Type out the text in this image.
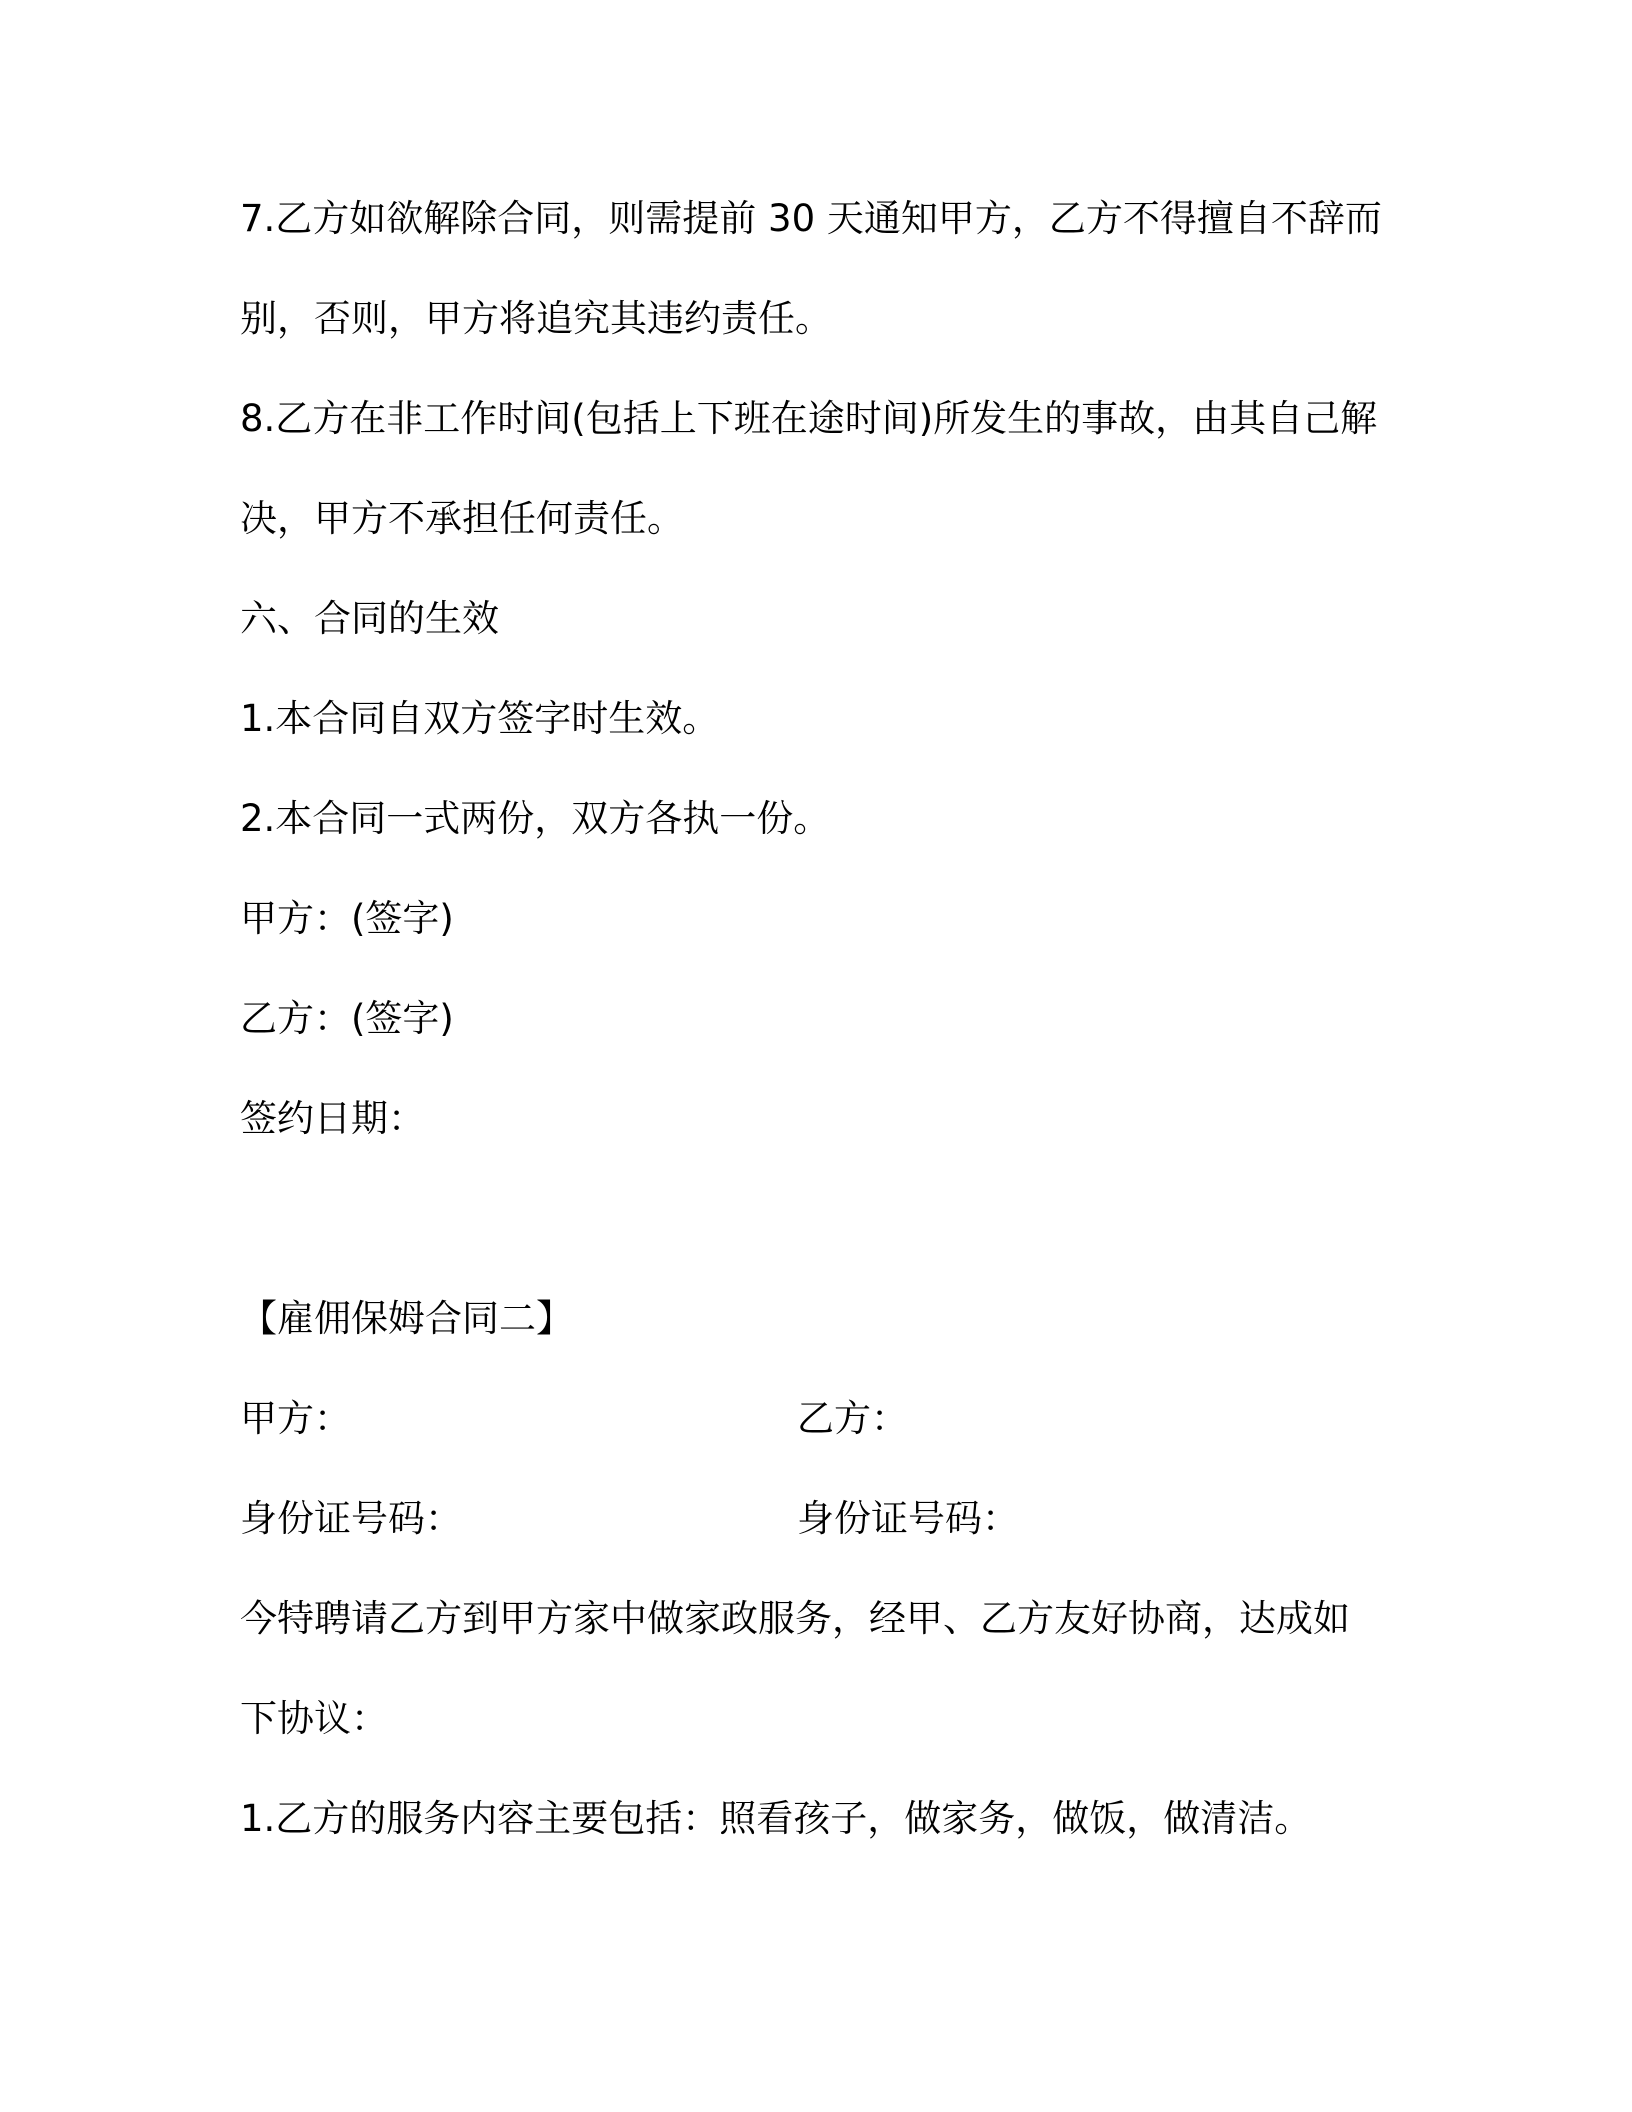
7.乙方如欲解除合同，则需提前 30 天通知甲方，乙方不得擅自不辞而
别，否则，甲方将追究其违约责任。
8.乙方在非工作时间(包括上下班在途时间)所发生的事故，由其自己解
决，甲方不承担任何责任。
六、合同的生效
1.本合同自双方签字时生效。
2.本合同一式两份，双方各执一份。
甲方：(签字)
乙方：(签字)
签约日期：
【雇佣保姆合同二】
甲方：	乙方：
身份证号码：	身份证号码：
今特聘请乙方到甲方家中做家政服务，经甲、乙方友好协商，达成如
下协议：
1.乙方的服务内容主要包括：照看孩子，做家务，做饭，做清洁。
